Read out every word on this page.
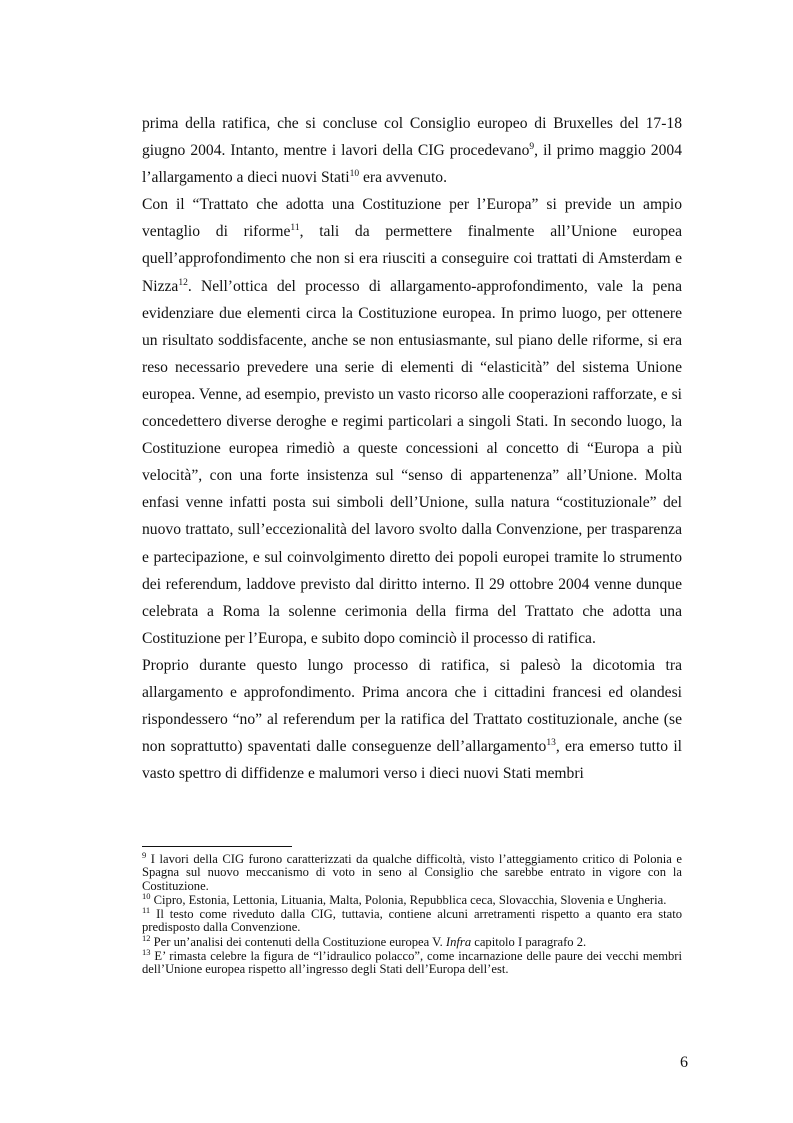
prima della ratifica, che si concluse col Consiglio europeo di Bruxelles del 17-18 giugno 2004. Intanto, mentre i lavori della CIG procedevano$^9$, il primo maggio 2004 l’allargamento a dieci nuovi Stati$^{10}$ era avvenuto.

Con il “Trattato che adotta una Costituzione per l’Europa” si previde un ampio ventaglio di riforme$^{11}$, tali da permettere finalmente all’Unione europea quell’approfondimento che non si era riusciti a conseguire coi trattati di Amsterdam e Nizza$^{12}$. Nell’ottica del processo di allargamento-approfondimento, vale la pena evidenziare due elementi circa la Costituzione europea. In primo luogo, per ottenere un risultato soddisfacente, anche se non entusiasmante, sul piano delle riforme, si era reso necessario prevedere una serie di elementi di “elasticità” del sistema Unione europea. Venne, ad esempio, previsto un vasto ricorso alle cooperazioni rafforzate, e si concedettero diverse deroghe e regimi particolari a singoli Stati. In secondo luogo, la Costituzione europea rimediò a queste concessioni al concetto di “Europa a più velocità”, con una forte insistenza sul “senso di appartenenza” all’Unione. Molta enfasi venne infatti posta sui simboli dell’Unione, sulla natura “costituzionale” del nuovo trattato, sull’eccezionalità del lavoro svolto dalla Convenzione, per trasparenza e partecipazione, e sul coinvolgimento diretto dei popoli europei tramite lo strumento dei referendum, laddove previsto dal diritto interno. Il 29 ottobre 2004 venne dunque celebrata a Roma la solenne cerimonia della firma del Trattato che adotta una Costituzione per l’Europa, e subito dopo cominciò il processo di ratifica.

Proprio durante questo lungo processo di ratifica, si palesò la dicotomia tra allargamento e approfondimento. Prima ancora che i cittadini francesi ed olandesi rispondessero “no” al referendum per la ratifica del Trattato costituzionale, anche (se non soprattutto) spaventati dalle conseguenze dell’allargamento$^{13}$, era emerso tutto il vasto spettro di diffidenze e malumori verso i dieci nuovi Stati membri

$^9$ I lavori della CIG furono caratterizzati da qualche difficoltà, visto l’atteggiamento critico di Polonia e Spagna sul nuovo meccanismo di voto in seno al Consiglio che sarebbe entrato in vigore con la Costituzione.

$^{10}$ Cipro, Estonia, Lettonia, Lituania, Malta, Polonia, Repubblica ceca, Slovacchia, Slovenia e Ungheria.

$^{11}$ Il testo come riveduto dalla CIG, tuttavia, contiene alcuni arretramenti rispetto a quanto era stato predisposto dalla Convenzione.

$^{12}$ Per un’analisi dei contenuti della Costituzione europea V. Infra capitolo I paragrafo 2.

$^{13}$ E’ rimasta celebre la figura de “l’idraulico polacco”, come incarnazione delle paure dei vecchi membri dell’Unione europea rispetto all’ingresso degli Stati dell’Europa dell’est.

6
